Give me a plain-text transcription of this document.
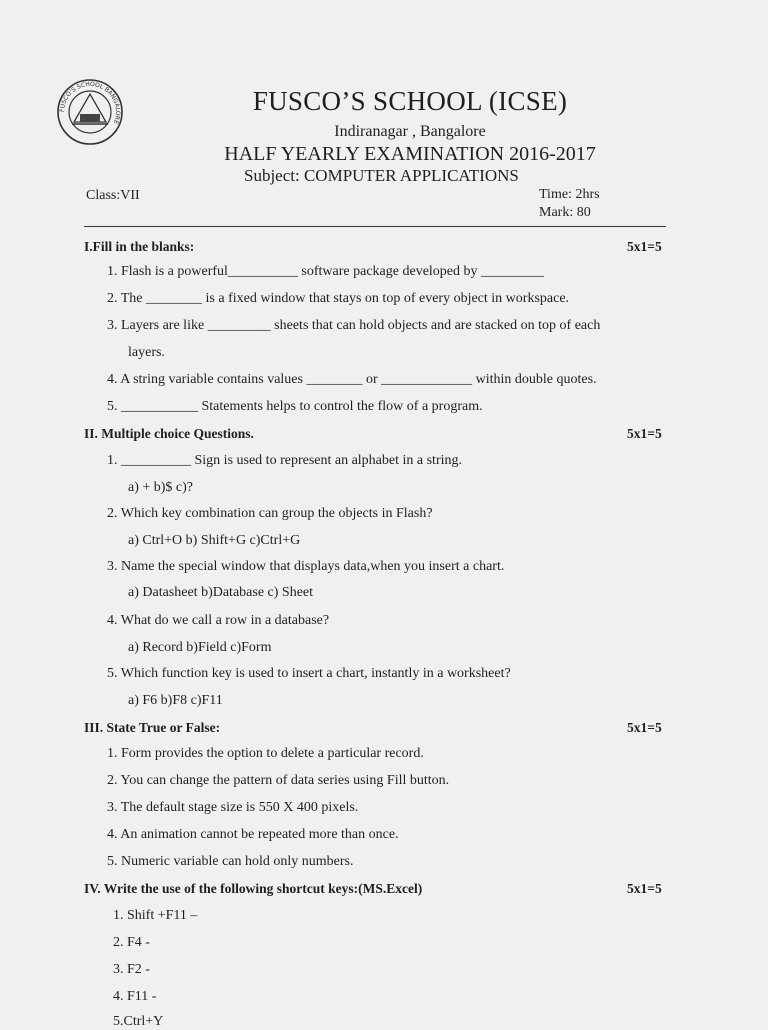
FUSCO'S SCHOOL BANGALORE
FUSCO’S SCHOOL (ICSE)
Indiranagar , Bangalore
HALF YEARLY EXAMINATION 2016-2017
Subject: COMPUTER APPLICATIONS
Class:VII	Time: 2hrs
Mark: 80
I.Fill in the blanks:	5x1=5
1. Flash is a powerful__________ software package developed by _________
2. The ________ is a fixed window that stays on top of every object in workspace.
3. Layers are like _________ sheets that can hold objects and are stacked on top of each
layers.
4. A string variable contains values ________ or _____________ within double quotes.
5. ___________ Statements helps to control the flow of a program.
II. Multiple choice Questions.	5x1=5
1. __________ Sign is used to represent an alphabet in a string.
a) + b)$ c)?
2. Which key combination can group the objects in Flash?
a) Ctrl+O b) Shift+G c)Ctrl+G
3. Name the special window that displays data,when you insert a chart.
a) Datasheet b)Database c) Sheet
4. What do we call a row in a database?
a) Record b)Field c)Form
5. Which function key is used to insert a chart, instantly in a worksheet?
a) F6 b)F8 c)F11
III. State True or False:	5x1=5
1. Form provides the option to delete a particular record.
2. You can change the pattern of data series using Fill button.
3. The default stage size is 550 X 400 pixels.
4. An animation cannot be repeated more than once.
5. Numeric variable can hold only numbers.
IV. Write the use of the following shortcut keys:(MS.Excel)	5x1=5
1. Shift +F11 –
2. F4 -
3. F2 -
4. F11 -
5.Ctrl+Y
